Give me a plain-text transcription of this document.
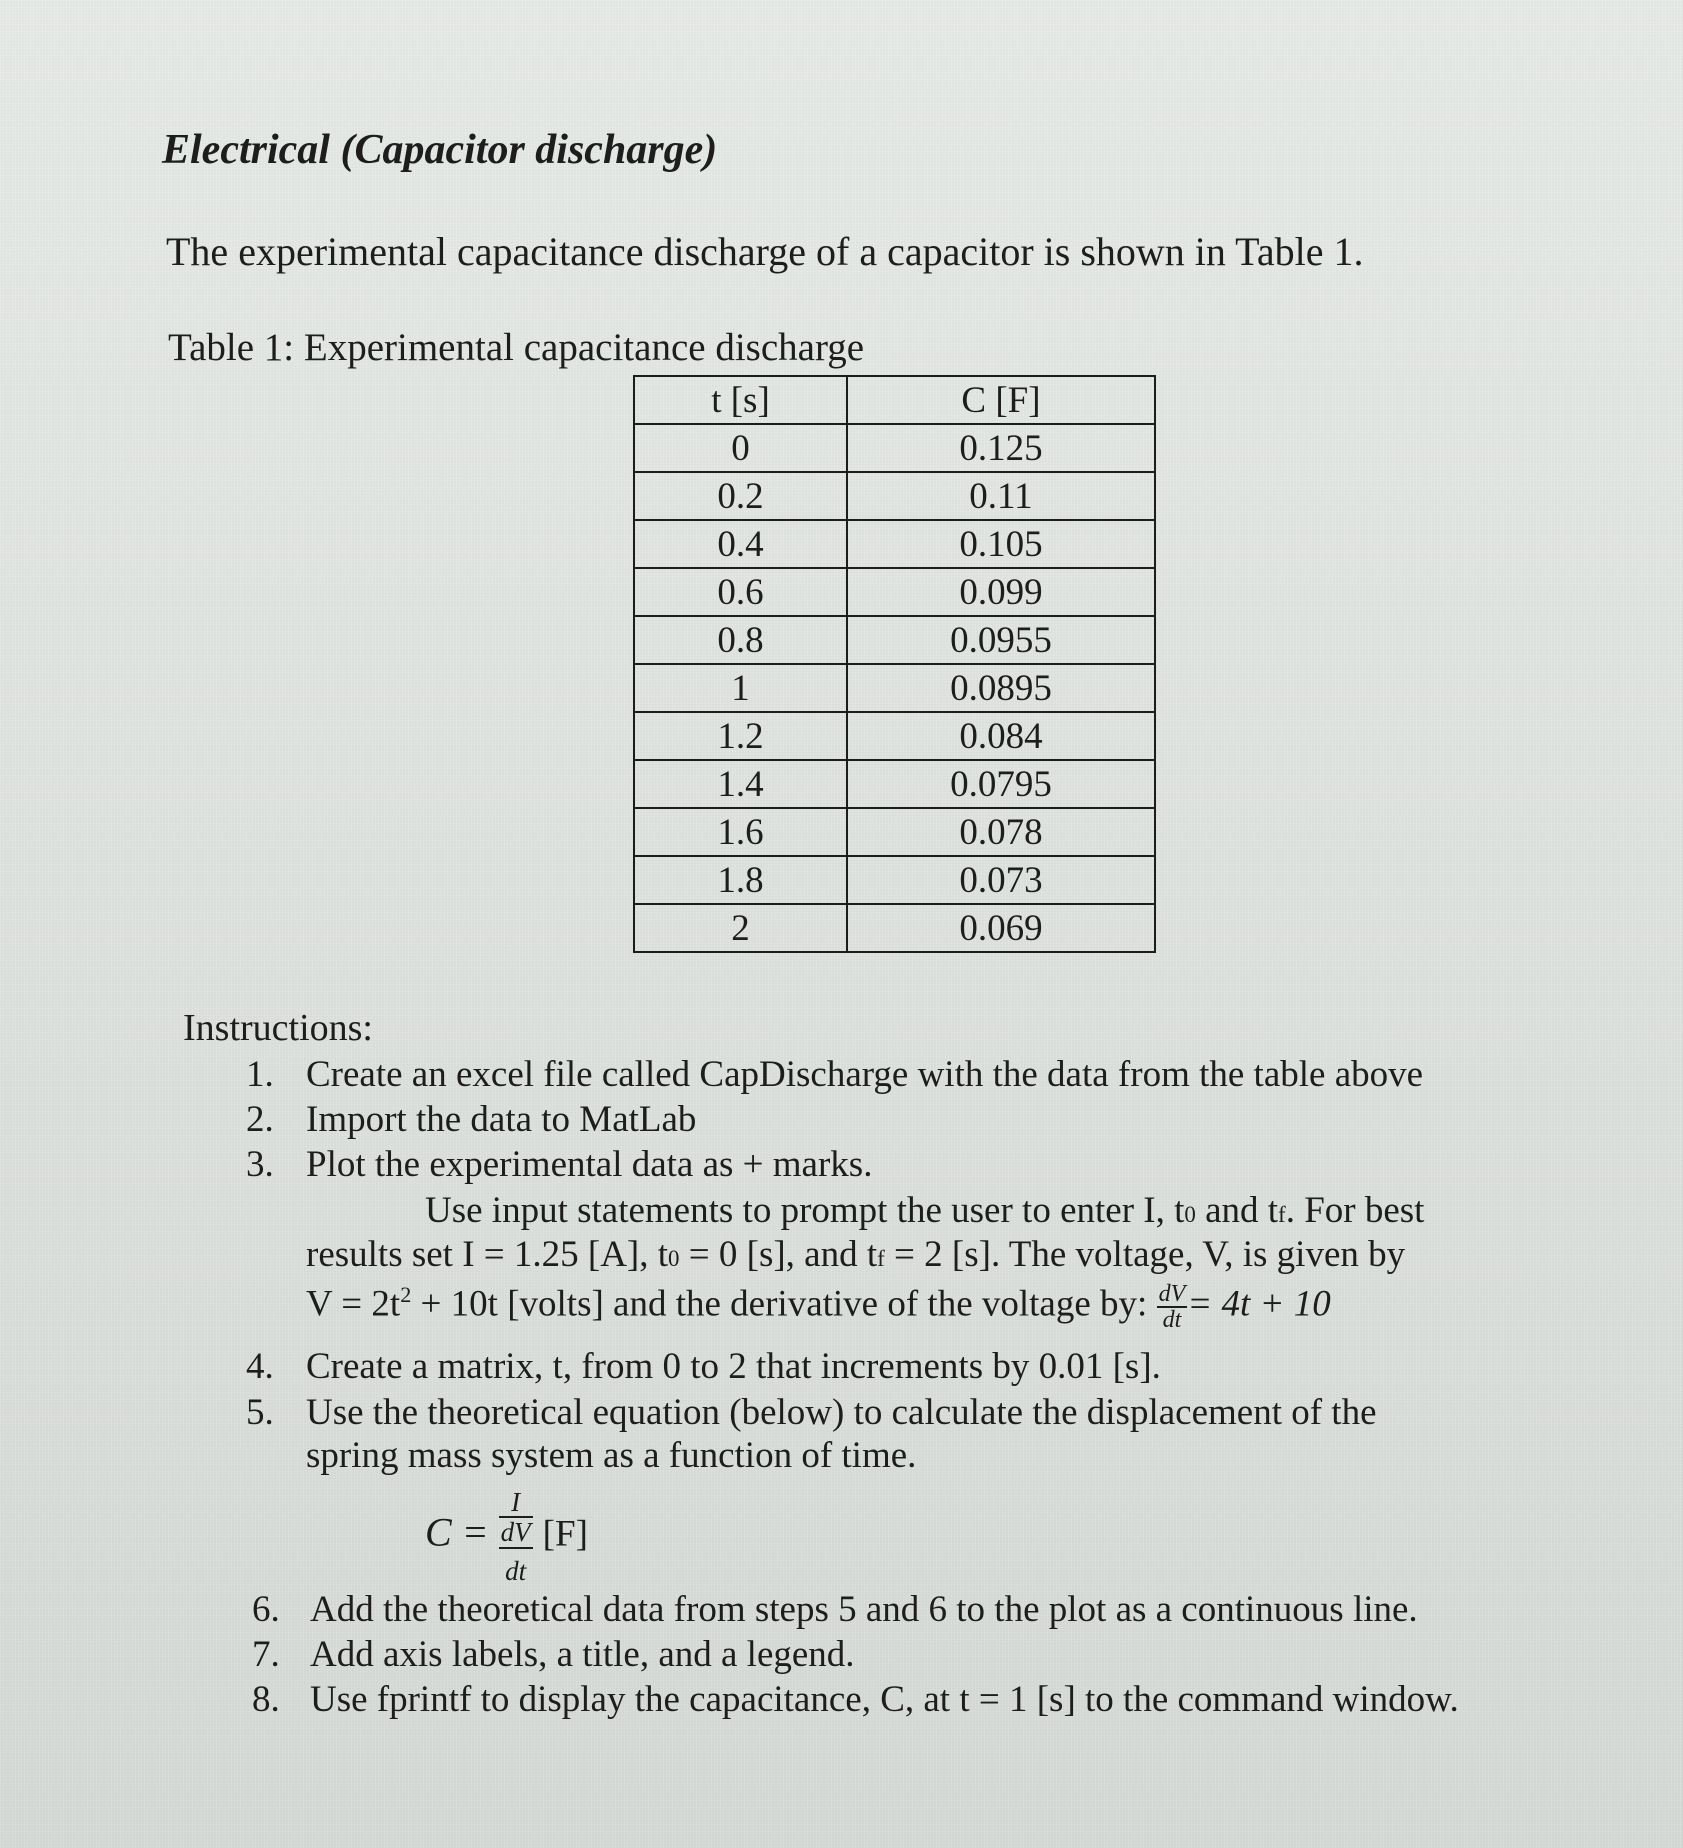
Electrical (Capacitor discharge)
The experimental capacitance discharge of a capacitor is shown in Table 1.
Table 1: Experimental capacitance discharge
t [s]	C [F]
0	0.125
0.2	0.11
0.4	0.105
0.6	0.099
0.8	0.0955
1	0.0895
1.2	0.084
1.4	0.0795
1.6	0.078
1.8	0.073
2	0.069
Instructions:
1. Create an excel file called CapDischarge with the data from the table above
2. Import the data to MatLab
3. Plot the experimental data as + marks.
Use input statements to prompt the user to enter I, t0 and tf. For best
results set I = 1.25 [A], t0 = 0 [s], and tf = 2 [s]. The voltage, V, is given by
$V = 2t^2 + 10t$ [volts] and the derivative of the voltage by: $\frac{dV}{dt} = 4t + 10$
4. Create a matrix, t, from 0 to 2 that increments by 0.01 [s].
5. Use the theoretical equation (below) to calculate the displacement of the
spring mass system as a function of time.
$C = \frac{I}{\frac{dV}{dt}} [F]$
6. Add the theoretical data from steps 5 and 6 to the plot as a continuous line.
7. Add axis labels, a title, and a legend.
8. Use fprintf to display the capacitance, C, at t = 1 [s] to the command window.
